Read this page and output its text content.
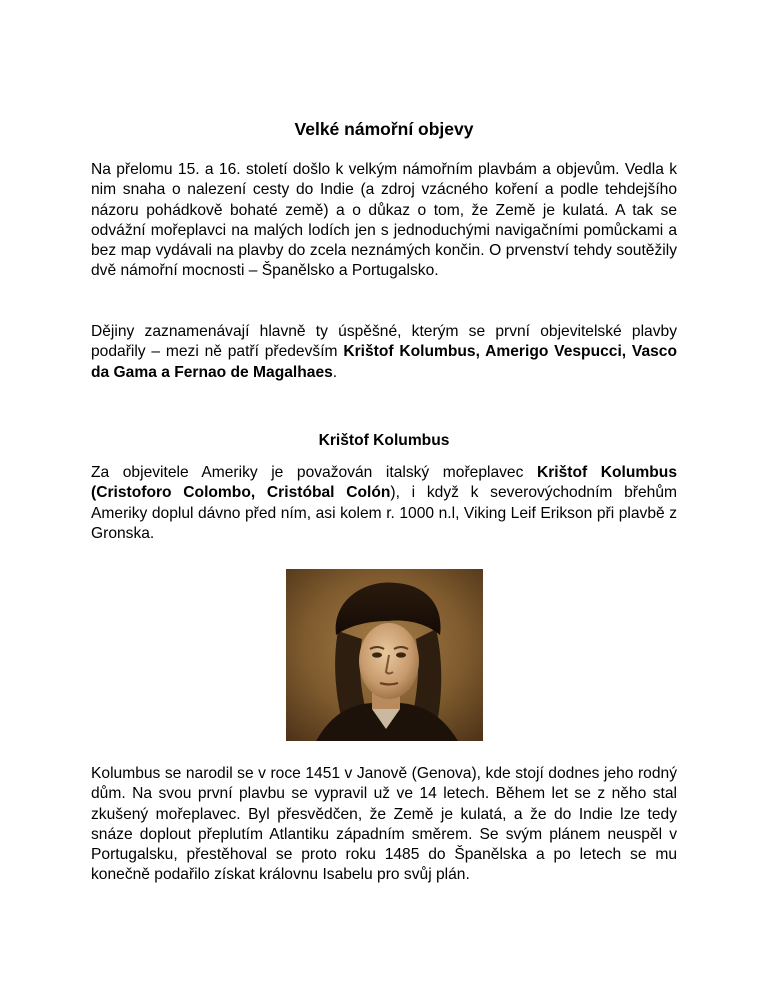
Velké námořní objevy

Na přelomu 15. a 16. století došlo k velkým námořním plavbám a objevům. Vedla k nim snaha o nalezení cesty do Indie (a zdroj vzácného koření a podle tehdejšího názoru pohádkově bohaté země) a o důkaz o tom, že Země je kulatá. A tak se odvážní mořeplavci na malých lodích jen s jednoduchými navigačními pomůckami a bez map vydávali na plavby do zcela neznámých končin. O prvenství tehdy soutěžily dvě námořní mocnosti – Španělsko a Portugalsko.

Dějiny zaznamenávají hlavně ty úspěšné, kterým se první objevitelské plavby podařily – mezi ně patří především Krištof Kolumbus, Amerigo Vespucci, Vasco da Gama a Fernao de Magalhaes.

Krištof Kolumbus

Za objevitele Ameriky je považován italský mořeplavec Krištof Kolumbus (Cristoforo Colombo, Cristóbal Colón), i když k severovýchodním břehům Ameriky doplul dávno před ním, asi kolem r. 1000 n.l, Viking Leif Erikson při plavbě z Gronska.

Kolumbus se narodil se v roce 1451 v Janově (Genova), kde stojí dodnes jeho rodný dům. Na svou první plavbu se vypravil už ve 14 letech. Během let se z něho stal zkušený mořeplavec. Byl přesvědčen, že Země je kulatá, a že do Indie lze tedy snáze doplout přeplutím Atlantiku západním směrem. Se svým plánem neuspěl v Portugalsku, přestěhoval se proto roku 1485 do Španělska a po letech se mu konečně podařilo získat královnu Isabelu pro svůj plán.
